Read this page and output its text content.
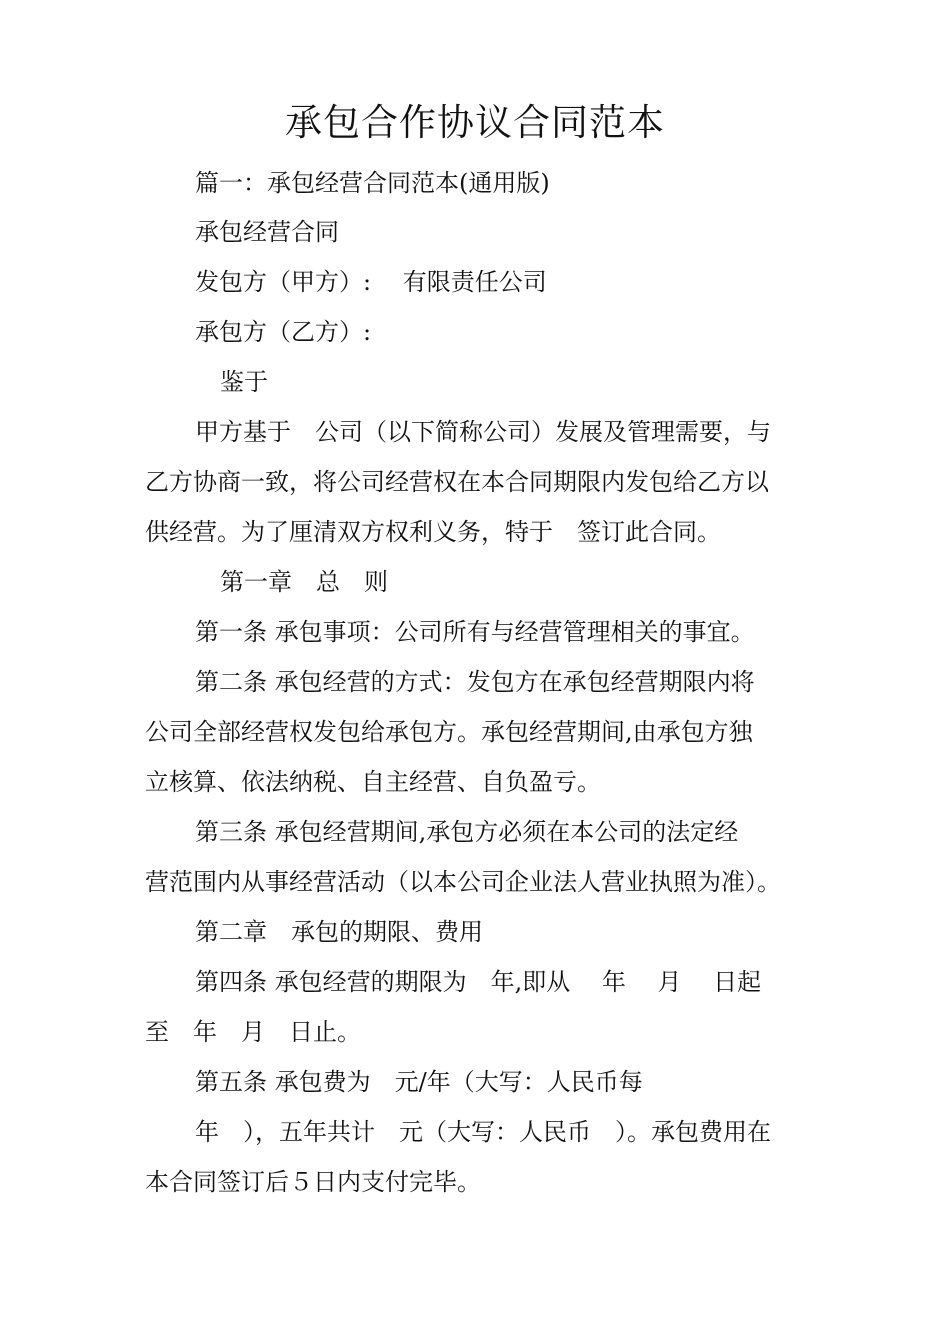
承包合作协议合同范本
篇一：承包经营合同范本(通用版)
承包经营合同
发包方（甲方）:　 有限责任公司
承包方（乙方）:
鉴于
甲方基于　公司（以下简称公司）发展及管理需要，与
乙方协商一致，将公司经营权在本合同期限内发包给乙方以
供经营。为了厘清双方权利义务，特于　签订此合同。
第一章　总　则
第一条 承包事项：公司所有与经营管理相关的事宜。
第二条 承包经营的方式：发包方在承包经营期限内将
公司全部经营权发包给承包方。承包经营期间,由承包方独
立核算、依法纳税、自主经营、自负盈亏。
第三条 承包经营期间,承包方必须在本公司的法定经
营范围内从事经营活动（以本公司企业法人营业执照为准）。
第二章　承包的期限、费用
第四条 承包经营的期限为　年,即从　 年　 月　 日起
至　年　月　日止。
第五条 承包费为　元/年（大写：人民币每
年　），五年共计　元（大写：人民币　）。承包费用在
本合同签订后５日内支付完毕。
